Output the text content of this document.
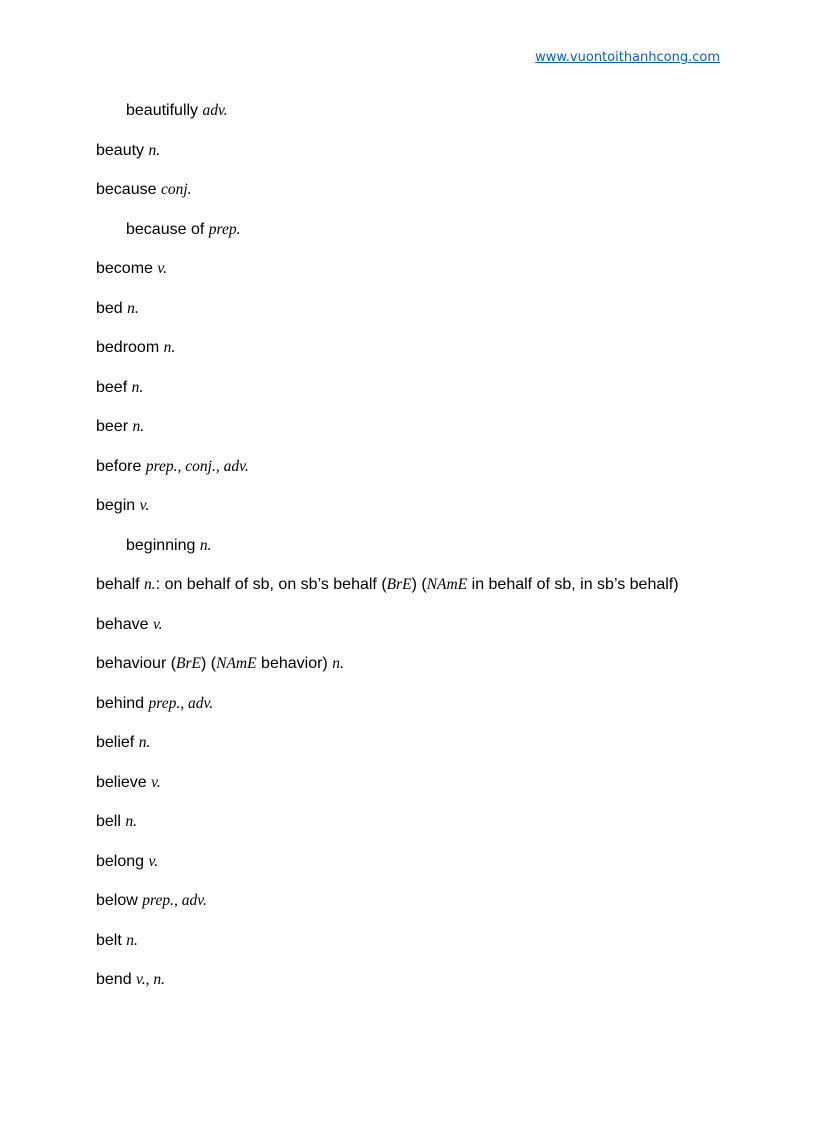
www.vuontoithanhcong.com
beautifully adv.
beauty n.
because conj.
because of prep.
become v.
bed n.
bedroom n.
beef n.
beer n.
before prep., conj., adv.
begin v.
beginning n.
behalf n.: on behalf of sb, on sb’s behalf (BrE) (NAmE in behalf of sb, in sb’s behalf)
behave v.
behaviour (BrE) (NAmE behavior) n.
behind prep., adv.
belief n.
believe v.
bell n.
belong v.
below prep., adv.
belt n.
bend v., n.
